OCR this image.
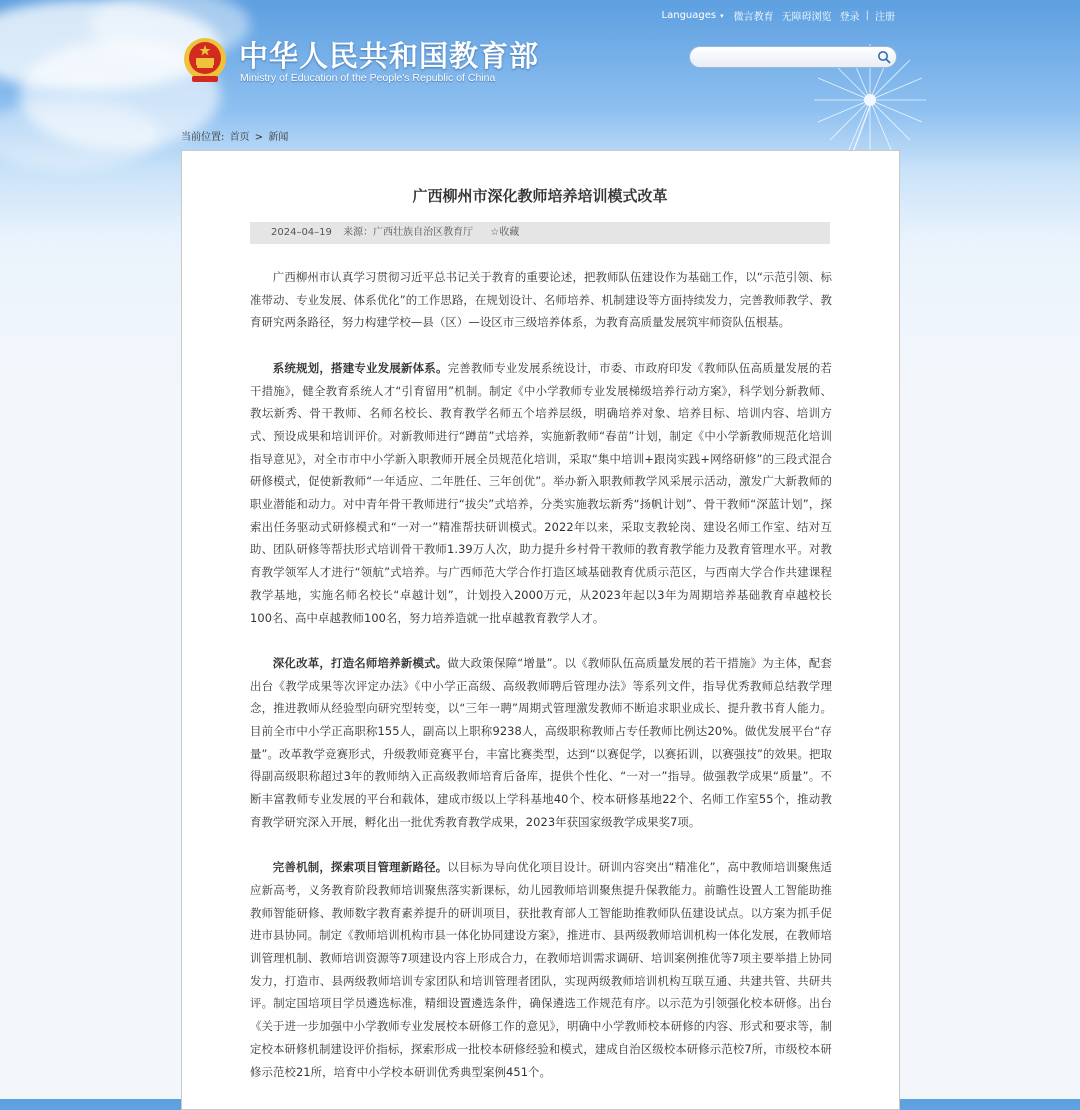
Languages ▾	微言教育 无障碍浏览 登录 | 注册
中华人民共和国教育部
Ministry of Education of the People's Republic of China
当前位置: 首页 > 新闻
广西柳州市深化教师培养培训模式改革
2024–04–19 来源：广西壮族自治区教育厅 ☆收藏

广西柳州市认真学习贯彻习近平总书记关于教育的重要论述，把教师队伍建设作为基础工作，以“示范引领、标准带动、专业发展、体系优化”的工作思路，在规划设计、名师培养、机制建设等方面持续发力，完善教师教学、教育研究两条路径，努力构建学校—县（区）—设区市三级培养体系，为教育高质量发展筑牢师资队伍根基。

系统规划，搭建专业发展新体系。完善教师专业发展系统设计，市委、市政府印发《教师队伍高质量发展的若干措施》，健全教育系统人才“引育留用”机制。制定《中小学教师专业发展梯级培养行动方案》，科学划分新教师、教坛新秀、骨干教师、名师名校长、教育教学名师五个培养层级，明确培养对象、培养目标、培训内容、培训方式、预设成果和培训评价。对新教师进行“蹲苗”式培养，实施新教师“春苗”计划，制定《中小学新教师规范化培训指导意见》，对全市市中小学新入职教师开展全员规范化培训，采取“集中培训+跟岗实践+网络研修”的三段式混合研修模式，促使新教师“一年适应、二年胜任、三年创优”。举办新入职教师教学风采展示活动，激发广大新教师的职业潜能和动力。对中青年骨干教师进行“拔尖”式培养，分类实施教坛新秀“扬帆计划”、骨干教师“深蓝计划”，探索出任务驱动式研修模式和“一对一”精准帮扶研训模式。2022年以来，采取支教轮岗、建设名师工作室、结对互助、团队研修等帮扶形式培训骨干教师1.39万人次，助力提升乡村骨干教师的教育教学能力及教育管理水平。对教育教学领军人才进行“领航”式培养。与广西师范大学合作打造区域基础教育优质示范区，与西南大学合作共建课程教学基地，实施名师名校长“卓越计划”，计划投入2000万元，从2023年起以3年为周期培养基础教育卓越校长100名、高中卓越教师100名，努力培养造就一批卓越教育教学人才。

深化改革，打造名师培养新模式。做大政策保障“增量”。以《教师队伍高质量发展的若干措施》为主体，配套出台《教学成果等次评定办法》《中小学正高级、高级教师聘后管理办法》等系列文件，指导优秀教师总结教学理念，推进教师从经验型向研究型转变，以“三年一聘”周期式管理激发教师不断追求职业成长、提升教书育人能力。目前全市中小学正高职称155人，副高以上职称9238人，高级职称教师占专任教师比例达20%。做优发展平台“存量”。改革教学竞赛形式，升级教师竞赛平台，丰富比赛类型，达到“以赛促学，以赛拓训，以赛强技”的效果。把取得副高级职称超过3年的教师纳入正高级教师培育后备库，提供个性化、“一对一”指导。做强教学成果“质量”。不断丰富教师专业发展的平台和载体，建成市级以上学科基地40个、校本研修基地22个、名师工作室55个，推动教育教学研究深入开展，孵化出一批优秀教育教学成果，2023年获国家级教学成果奖7项。

完善机制，探索项目管理新路径。以目标为导向优化项目设计。研训内容突出“精准化”，高中教师培训聚焦适应新高考，义务教育阶段教师培训聚焦落实新课标，幼儿园教师培训聚焦提升保教能力。前瞻性设置人工智能助推教师智能研修、教师数字教育素养提升的研训项目，获批教育部人工智能助推教师队伍建设试点。以方案为抓手促进市县协同。制定《教师培训机构市县一体化协同建设方案》，推进市、县两级教师培训机构一体化发展，在教师培训管理机制、教师培训资源等7项建设内容上形成合力，在教师培训需求调研、培训案例推优等7项主要举措上协同发力，打造市、县两级教师培训专家团队和培训管理者团队，实现两级教师培训机构互联互通、共建共管、共研共评。制定国培项目学员遴选标准，精细设置遴选条件，确保遴选工作规范有序。以示范为引领强化校本研修。出台《关于进一步加强中小学教师专业发展校本研修工作的意见》，明确中小学教师校本研修的内容、形式和要求等，制定校本研修机制建设评价指标，探索形成一批校本研修经验和模式，建成自治区级校本研修示范校7所，市级校本研修示范校21所，培育中小学校本研训优秀典型案例451个。
